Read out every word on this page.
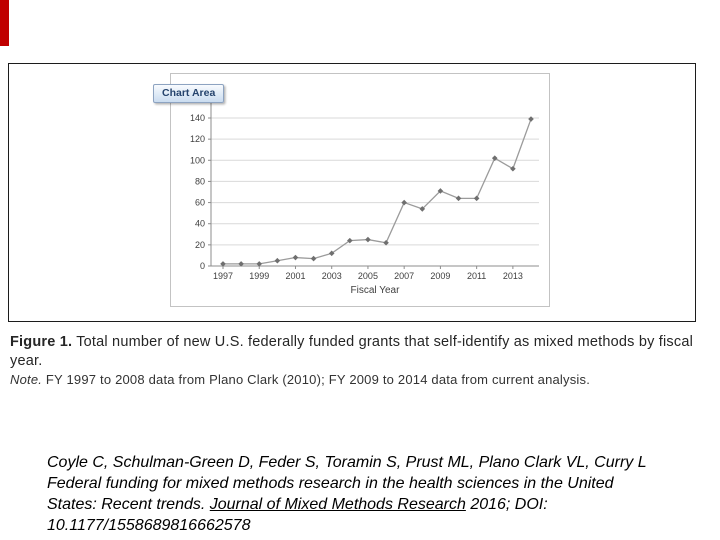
Chart Area
0
20
40
60
80
100
120
140
1997 1999 2001 2003 2005 2007 2009 2011 2013
Fiscal Year

Figure 1. Total number of new U.S. federally funded grants that self-identify as mixed methods by fiscal year.

Note. FY 1997 to 2008 data from Plano Clark (2010); FY 2009 to 2014 data from current analysis.

Coyle C, Schulman-Green D, Feder S, Toramin S, Prust ML, Plano Clark VL, Curry L
Federal funding for mixed methods research in the health sciences in the United
States: Recent trends. Journal of Mixed Methods Research 2016; DOI:
10.1177/1558689816662578
